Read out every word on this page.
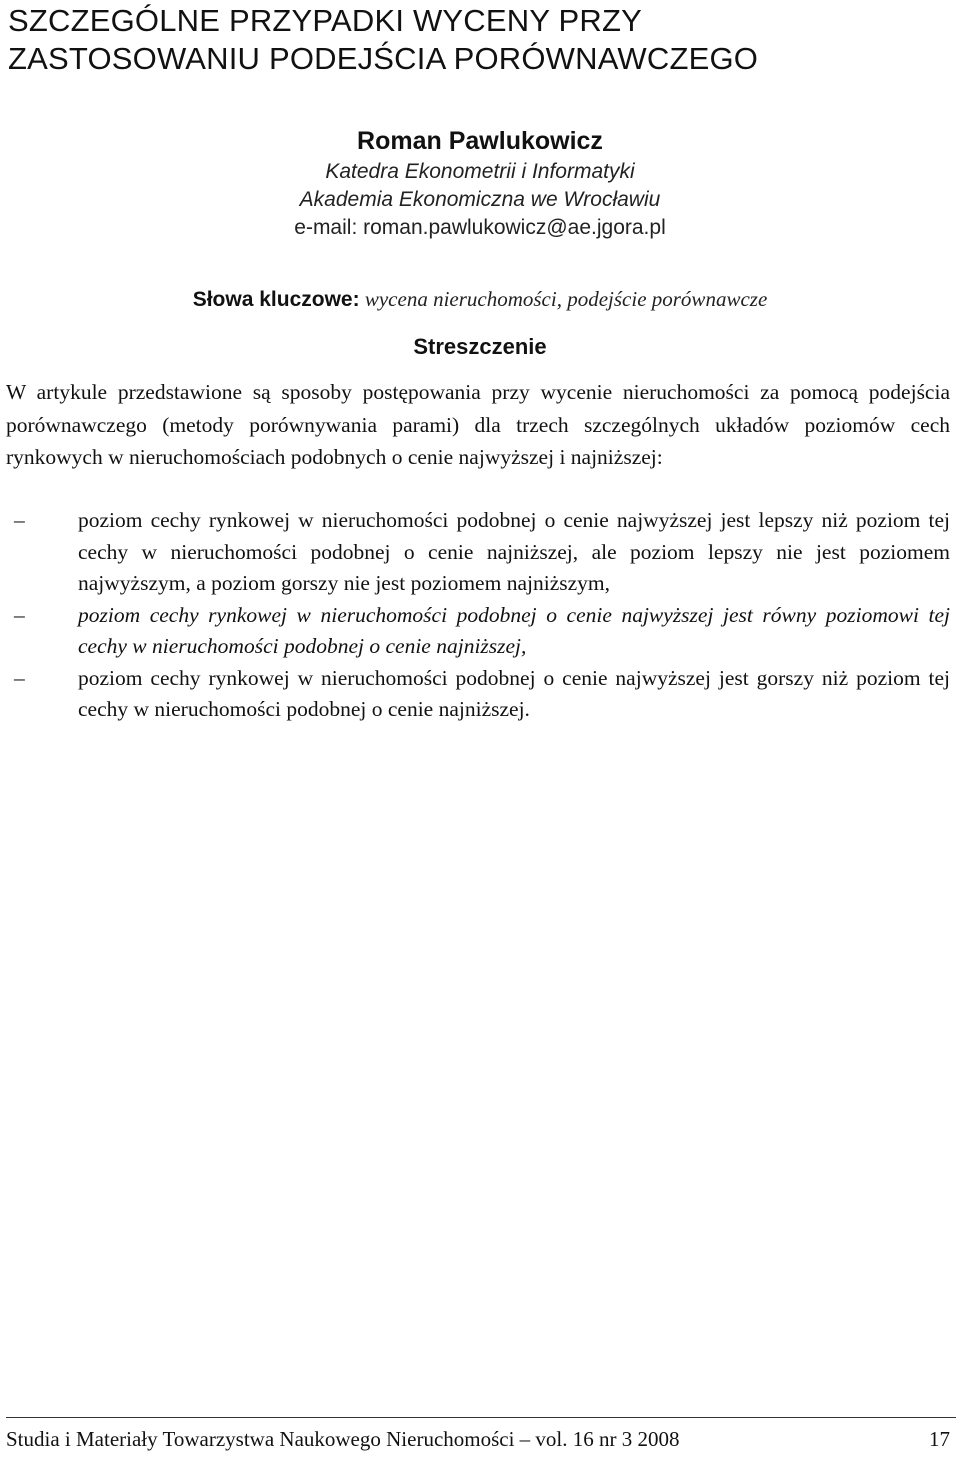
SZCZEGÓLNE PRZYPADKI WYCENY PRZY
ZASTOSOWANIU PODEJŚCIA PORÓWNAWCZEGO
Roman Pawlukowicz
Katedra Ekonometrii i Informatyki
Akademia Ekonomiczna we Wrocławiu
e-mail: roman.pawlukowicz@ae.jgora.pl
Słowa kluczowe: wycena nieruchomości, podejście porównawcze
Streszczenie

W artykule przedstawione są sposoby postępowania przy wycenie nieruchomości za pomocą podejścia porównawczego (metody porównywania parami) dla trzech szczególnych układów poziomów cech rynkowych w nieruchomościach podobnych o cenie najwyższej i najniższej:

– poziom cechy rynkowej w nieruchomości podobnej o cenie najwyższej jest lepszy niż poziom tej cechy w nieruchomości podobnej o cenie najniższej, ale poziom lepszy nie jest poziomem najwyższym, a poziom gorszy nie jest poziomem najniższym,
– poziom cechy rynkowej w nieruchomości podobnej o cenie najwyższej jest równy poziomowi tej cechy w nieruchomości podobnej o cenie najniższej,
– poziom cechy rynkowej w nieruchomości podobnej o cenie najwyższej jest gorszy niż poziom tej cechy w nieruchomości podobnej o cenie najniższej.
Studia i Materiały Towarzystwa Naukowego Nieruchomości – vol. 16 nr 3 2008	17
